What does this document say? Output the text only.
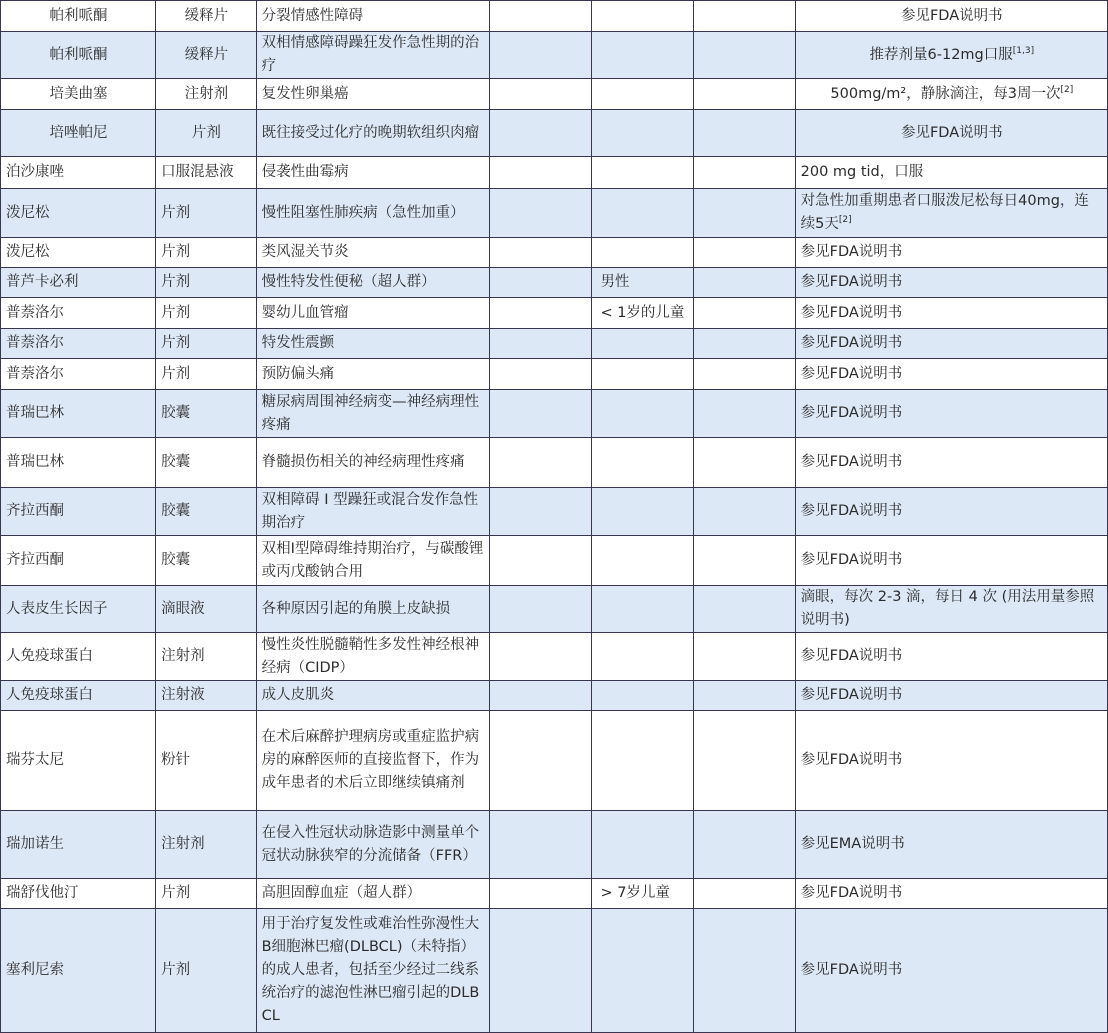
帕利哌酮	缓释片	分裂情感性障碍				参见FDA说明书
帕利哌酮	缓释片	双相情感障碍躁狂发作急性期的治疗				推荐剂量6-12mg口服[1,3]
培美曲塞	注射剂	复发性卵巢癌				500mg/m²，静脉滴注，每3周一次[2]
培唑帕尼	片剂	既往接受过化疗的晚期软组织肉瘤				参见FDA说明书
泊沙康唑	口服混悬液	侵袭性曲霉病				200 mg tid，口服
泼尼松	片剂	慢性阻塞性肺疾病（急性加重）				对急性加重期患者口服泼尼松每日40mg，连续5天[2]
泼尼松	片剂	类风湿关节炎				参见FDA说明书
普芦卡必利	片剂	慢性特发性便秘（超人群）		男性		参见FDA说明书
普萘洛尔	片剂	婴幼儿血管瘤		< 1岁的儿童		参见FDA说明书
普萘洛尔	片剂	特发性震颤				参见FDA说明书
普萘洛尔	片剂	预防偏头痛				参见FDA说明书
普瑞巴林	胶囊	糖尿病周围神经病变—神经病理性疼痛				参见FDA说明书
普瑞巴林	胶囊	脊髓损伤相关的神经病理性疼痛				参见FDA说明书
齐拉西酮	胶囊	双相障碍 I 型躁狂或混合发作急性期治疗				参见FDA说明书
齐拉西酮	胶囊	双相I型障碍维持期治疗，与碳酸锂或丙戊酸钠合用				参见FDA说明书
人表皮生长因子	滴眼液	各种原因引起的角膜上皮缺损				滴眼，每次 2-3 滴，每日 4 次 (用法用量参照说明书)
人免疫球蛋白	注射剂	慢性炎性脱髓鞘性多发性神经根神经病（CIDP）				参见FDA说明书
人免疫球蛋白	注射液	成人皮肌炎				参见FDA说明书
瑞芬太尼	粉针	在术后麻醉护理病房或重症监护病房的麻醉医师的直接监督下，作为成年患者的术后立即继续镇痛剂				参见FDA说明书
瑞加诺生	注射剂	在侵入性冠状动脉造影中测量单个冠状动脉狭窄的分流储备（FFR）				参见EMA说明书
瑞舒伐他汀	片剂	高胆固醇血症（超人群）		> 7岁儿童		参见FDA说明书
塞利尼索	片剂	用于治疗复发性或难治性弥漫性大B细胞淋巴瘤(DLBCL)（未特指）的成人患者，包括至少经过二线系统治疗的滤泡性淋巴瘤引起的DLBCL				参见FDA说明书
